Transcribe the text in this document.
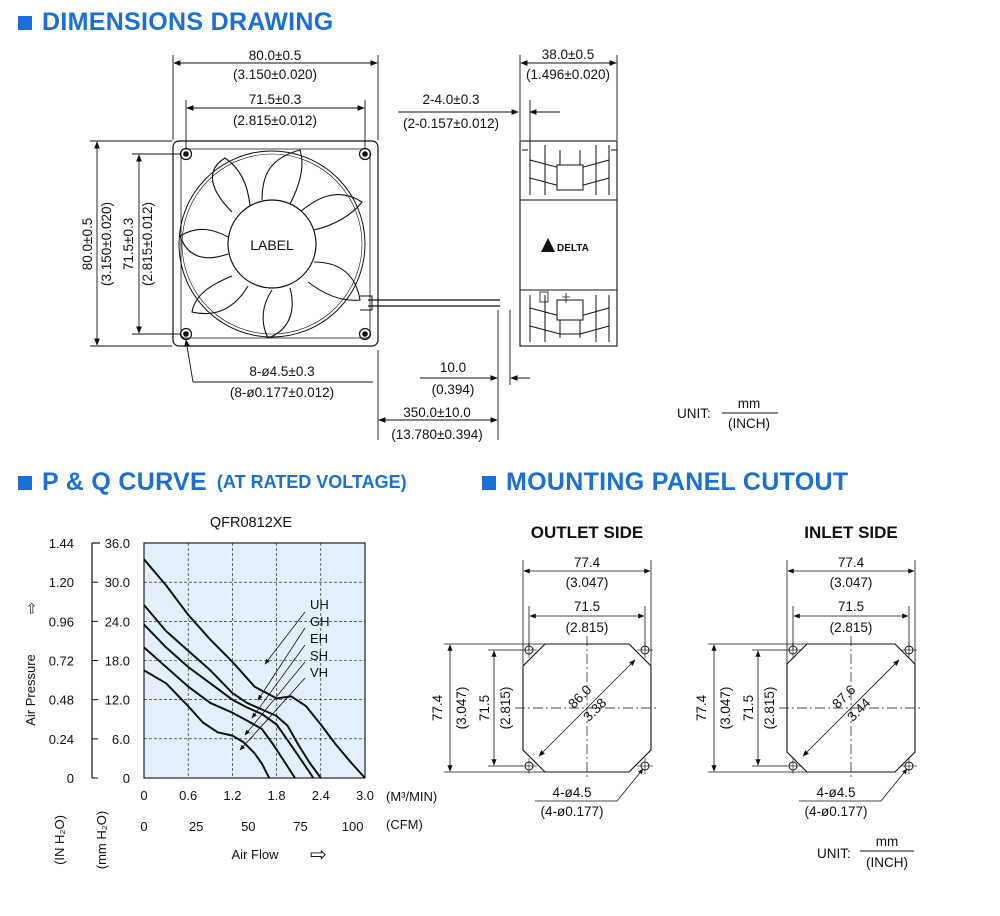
DIMENSIONS DRAWING
P & Q CURVE (AT RATED VOLTAGE)	MOUNTING PANEL CUTOUT
LABEL
80.0±0.5
(3.150±0.020)
71.5±0.3
(2.815±0.012)
80.0±0.5 (3.150±0.020) 71.5±0.3 (2.815±0.012)
8-ø4.5±0.3
(8-ø0.177±0.012)
DELTA
38.0±0.5
(1.496±0.020)
2-4.0±0.3
(2-0.157±0.012)
10.0
(0.394)
350.0±10.0
(13.780±0.394)
UNIT:
mm
(INCH)
QFR0812XE
0 0.6 1.2 1.8 2.4 3.0
0	25	50	75	100
36.0
1.44
30.0
1.20
24.0
0.96
18.0
0.72
12.0
0.48
6.0
0.24
0
0
UH
GH
EH
SH
VH
Air Pressure
⇨
(IN H₂O) (mm H₂O)
(M³/MIN)
(CFM)
Air Flow ⇨
OUTLET SIDE	INLET SIDE
77.4
(3.047)
71.5
(2.815)
77.4 (3.047) 71.5 (2.815)	86.0
3.38
4-ø4.5
(4-ø0.177)
77.4
(3.047)
71.5
(2.815)
77.4 (3.047) 71.5 (2.815)	87.6
3.44
4-ø4.5
(4-ø0.177)
UNIT:
mm
(INCH)
